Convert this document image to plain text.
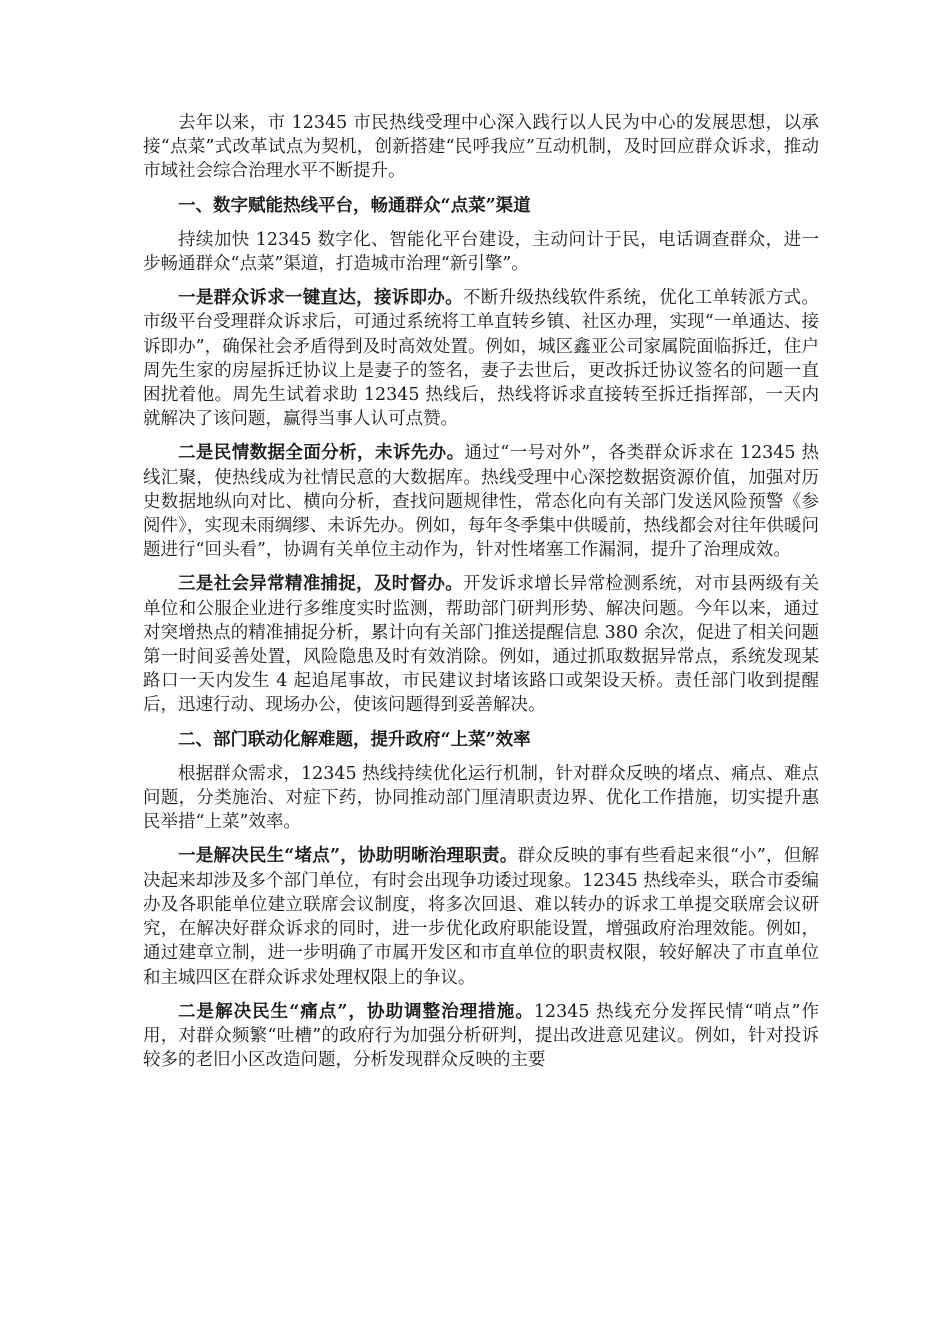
去年以来，市 12345 市民热线受理中心深入践行以人民为中心的发展思想，以承接“点菜”式改革试点为契机，创新搭建“民呼我应”互动机制，及时回应群众诉求，推动市域社会综合治理水平不断提升。

一、数字赋能热线平台，畅通群众“点菜”渠道

持续加快 12345 数字化、智能化平台建设，主动问计于民，电话调查群众，进一步畅通群众“点菜”渠道，打造城市治理“新引擎”。

一是群众诉求一键直达，接诉即办。不断升级热线软件系统，优化工单转派方式。市级平台受理群众诉求后，可通过系统将工单直转乡镇、社区办理，实现“一单通达、接诉即办”，确保社会矛盾得到及时高效处置。例如，城区鑫亚公司家属院面临拆迁，住户周先生家的房屋拆迁协议上是妻子的签名，妻子去世后，更改拆迁协议签名的问题一直困扰着他。周先生试着求助 12345 热线后，热线将诉求直接转至拆迁指挥部，一天内就解决了该问题，赢得当事人认可点赞。

二是民情数据全面分析，未诉先办。通过“一号对外”，各类群众诉求在 12345 热线汇聚，使热线成为社情民意的大数据库。热线受理中心深挖数据资源价值，加强对历史数据地纵向对比、横向分析，查找问题规律性，常态化向有关部门发送风险预警《参阅件》，实现未雨绸缪、未诉先办。例如，每年冬季集中供暖前，热线都会对往年供暖问题进行“回头看”，协调有关单位主动作为，针对性堵塞工作漏洞，提升了治理成效。

三是社会异常精准捕捉，及时督办。开发诉求增长异常检测系统，对市县两级有关单位和公服企业进行多维度实时监测，帮助部门研判形势、解决问题。今年以来，通过对突增热点的精准捕捉分析，累计向有关部门推送提醒信息 380 余次，促进了相关问题第一时间妥善处置，风险隐患及时有效消除。例如，通过抓取数据异常点，系统发现某路口一天内发生 4 起追尾事故，市民建议封堵该路口或架设天桥。责任部门收到提醒后，迅速行动、现场办公，使该问题得到妥善解决。

二、部门联动化解难题，提升政府“上菜”效率

根据群众需求，12345 热线持续优化运行机制，针对群众反映的堵点、痛点、难点问题，分类施治、对症下药，协同推动部门厘清职责边界、优化工作措施，切实提升惠民举措“上菜”效率。

一是解决民生“堵点”，协助明晰治理职责。群众反映的事有些看起来很“小”，但解决起来却涉及多个部门单位，有时会出现争功诿过现象。12345 热线牵头，联合市委编办及各职能单位建立联席会议制度，将多次回退、难以转办的诉求工单提交联席会议研究，在解决好群众诉求的同时，进一步优化政府职能设置，增强政府治理效能。例如，通过建章立制，进一步明确了市属开发区和市直单位的职责权限，较好解决了市直单位和主城四区在群众诉求处理权限上的争议。

二是解决民生“痛点”，协助调整治理措施。12345 热线充分发挥民情“哨点”作用，对群众频繁“吐槽”的政府行为加强分析研判，提出改进意见建议。例如，针对投诉较多的老旧小区改造问题，分析发现群众反映的主要
